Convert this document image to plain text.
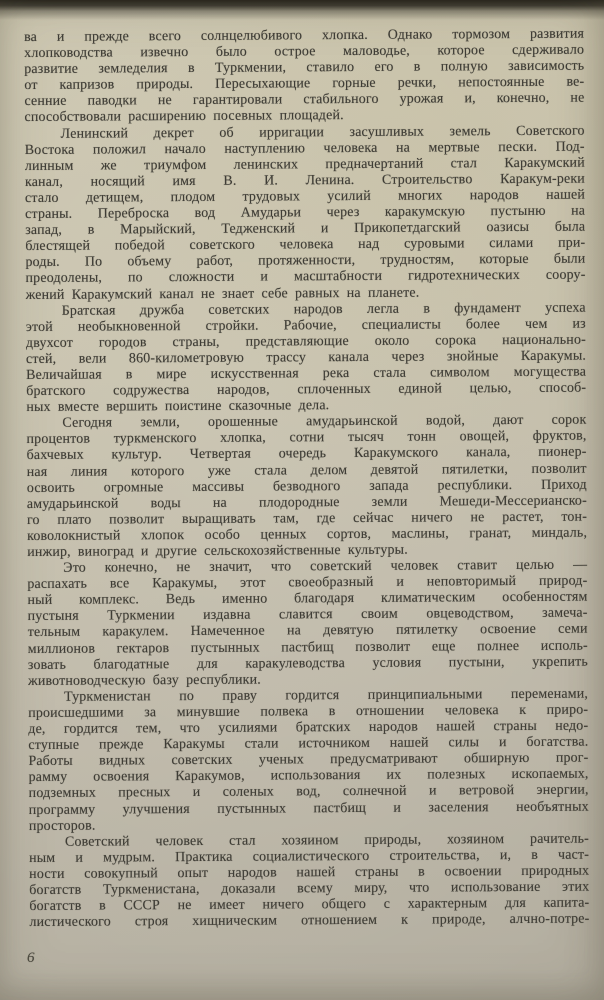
ва и прежде всего солнцелюбивого хлопка. Однако тормозом развития
хлопководства извечно было острое маловодье, которое сдерживало
развитие земледелия в Туркмении, ставило его в полную зависимость
от капризов природы. Пересыхающие горные речки, непостоянные ве-
сенние паводки не гарантировали стабильного урожая и, конечно, не
способствовали расширению посевных площадей.
Ленинский декрет об ирригации засушливых земель Советского
Востока положил начало наступлению человека на мертвые пески. Под-
линным же триумфом ленинских предначертаний стал Каракумский
канал, носящий имя В. И. Ленина. Строительство Каракум-реки
стало детищем, плодом трудовых усилий многих народов нашей
страны. Переброска вод Амударьи через каракумскую пустыню на
запад, в Марыйский, Тедженский и Прикопетдагский оазисы была
блестящей победой советского человека над суровыми силами при-
роды. По объему работ, протяженности, трудностям, которые были
преодолены, по сложности и масштабности гидротехнических соору-
жений Каракумский канал не знает себе равных на планете.
Братская дружба советских народов легла в фундамент успеха
этой необыкновенной стройки. Рабочие, специалисты более чем из
двухсот городов страны, представляющие около сорока национально-
стей, вели 860-километровую трассу канала через знойные Каракумы.
Величайшая в мире искусственная река стала символом могущества
братского содружества народов, сплоченных единой целью, способ-
ных вместе вершить поистине сказочные дела.
Сегодня земли, орошенные амударьинской водой, дают сорок
процентов туркменского хлопка, сотни тысяч тонн овощей, фруктов,
бахчевых культур. Четвертая очередь Каракумского канала, пионер-
ная линия которого уже стала делом девятой пятилетки, позволит
освоить огромные массивы безводного запада республики. Приход
амударьинской воды на плодородные земли Мешеди-Мессерианско-
го плато позволит выращивать там, где сейчас ничего не растет, тон-
коволокнистый хлопок особо ценных сортов, маслины, гранат, миндаль,
инжир, виноград и другие сельскохозяйственные культуры.
Это конечно, не значит, что советский человек ставит целью —
распахать все Каракумы, этот своеобразный и неповторимый природ-
ный комплекс. Ведь именно благодаря климатическим особенностям
пустыня Туркмении издавна славится своим овцеводством, замеча-
тельным каракулем. Намеченное на девятую пятилетку освоение семи
миллионов гектаров пустынных пастбищ позволит еще полнее исполь-
зовать благодатные для каракулеводства условия пустыни, укрепить
животноводческую базу республики.
Туркменистан по праву гордится принципиальными переменами,
происшедшими за минувшие полвека в отношении человека к приро-
де, гордится тем, что усилиями братских народов нашей страны недо-
ступные прежде Каракумы стали источником нашей силы и богатства.
Работы видных советских ученых предусматривают обширную прог-
рамму освоения Каракумов, использования их полезных ископаемых,
подземных пресных и соленых вод, солнечной и ветровой энергии,
программу улучшения пустынных пастбищ и заселения необъятных
просторов.
Советский человек стал хозяином природы, хозяином рачитель-
ным и мудрым. Практика социалистического строительства, и, в част-
ности совокупный опыт народов нашей страны в освоении природных
богатств Туркменистана, доказали всему миру, что использование этих
богатств в СССР не имеет ничего общего с характерным для капита-
листического строя хищническим отношением к природе, алчно-потре-
6
